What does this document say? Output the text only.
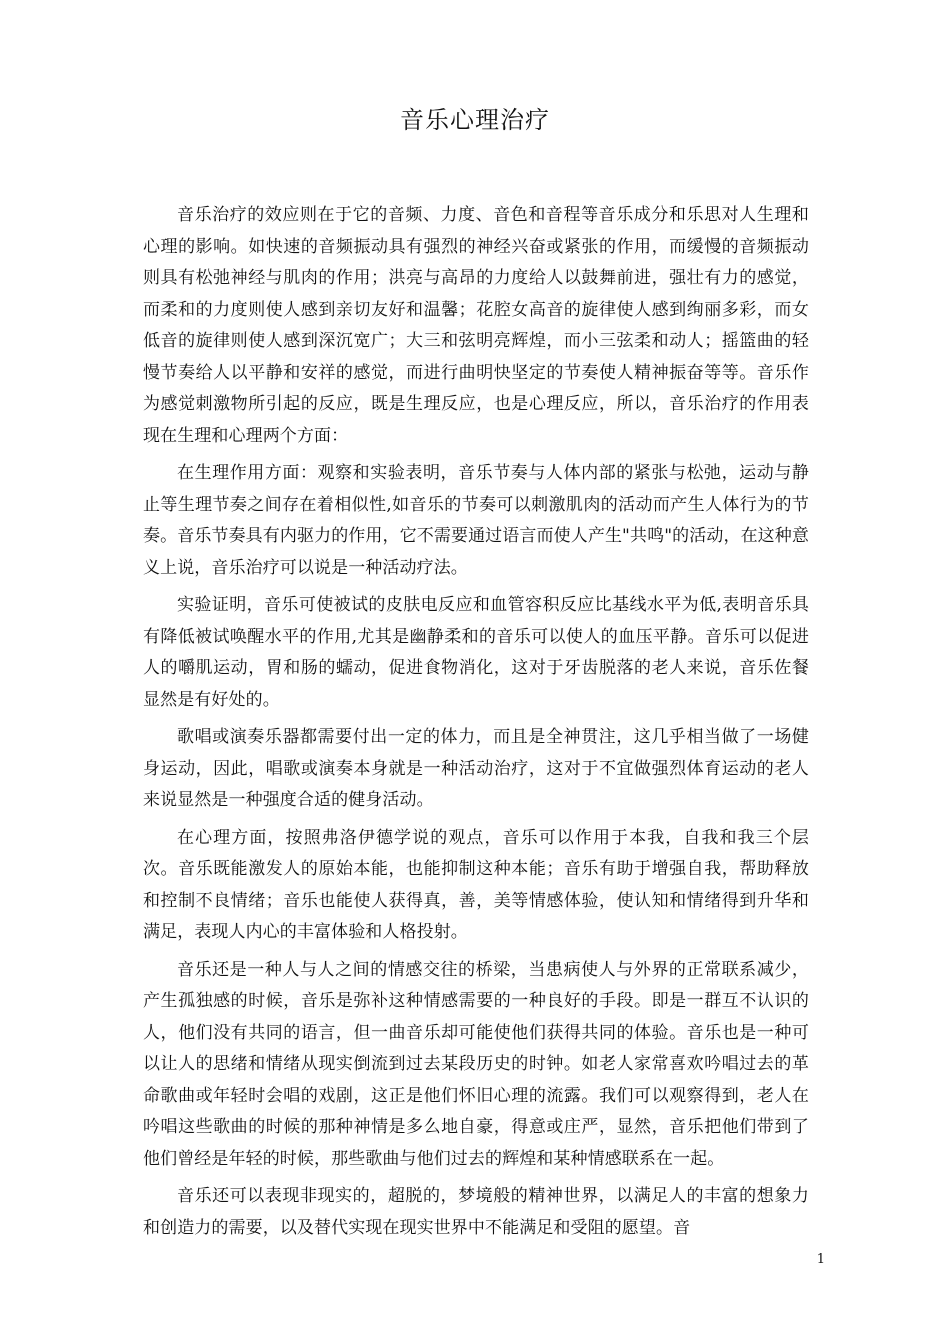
音乐心理治疗

音乐治疗的效应则在于它的音频、力度、音色和音程等音乐成分和乐思对人生理和心理的影响。如快速的音频振动具有强烈的神经兴奋或紧张的作用，而缓慢的音频振动则具有松弛神经与肌肉的作用；洪亮与高昂的力度给人以鼓舞前进，强壮有力的感觉，而柔和的力度则使人感到亲切友好和温馨；花腔女高音的旋律使人感到绚丽多彩，而女低音的旋律则使人感到深沉宽广；大三和弦明亮辉煌，而小三弦柔和动人；摇篮曲的轻慢节奏给人以平静和安祥的感觉，而进行曲明快坚定的节奏使人精神振奋等等。音乐作为感觉刺激物所引起的反应，既是生理反应，也是心理反应，所以，音乐治疗的作用表现在生理和心理两个方面：

在生理作用方面：观察和实验表明，音乐节奏与人体内部的紧张与松弛，运动与静止等生理节奏之间存在着相似性,如音乐的节奏可以刺激肌肉的活动而产生人体行为的节奏。音乐节奏具有内驱力的作用，它不需要通过语言而使人产生"共鸣"的活动，在这种意义上说，音乐治疗可以说是一种活动疗法。

实验证明，音乐可使被试的皮肤电反应和血管容积反应比基线水平为低,表明音乐具有降低被试唤醒水平的作用,尤其是幽静柔和的音乐可以使人的血压平静。音乐可以促进人的嚼肌运动，胃和肠的蠕动，促进食物消化，这对于牙齿脱落的老人来说，音乐佐餐显然是有好处的。

歌唱或演奏乐器都需要付出一定的体力，而且是全神贯注，这几乎相当做了一场健身运动，因此，唱歌或演奏本身就是一种活动治疗，这对于不宜做强烈体育运动的老人来说显然是一种强度合适的健身活动。

在心理方面，按照弗洛伊德学说的观点，音乐可以作用于本我，自我和我三个层次。音乐既能激发人的原始本能，也能抑制这种本能；音乐有助于增强自我，帮助释放和控制不良情绪；音乐也能使人获得真，善，美等情感体验，使认知和情绪得到升华和满足，表现人内心的丰富体验和人格投射。

音乐还是一种人与人之间的情感交往的桥梁，当患病使人与外界的正常联系减少，产生孤独感的时候，音乐是弥补这种情感需要的一种良好的手段。即是一群互不认识的人，他们没有共同的语言，但一曲音乐却可能使他们获得共同的体验。音乐也是一种可以让人的思绪和情绪从现实倒流到过去某段历史的时钟。如老人家常喜欢吟唱过去的革命歌曲或年轻时会唱的戏剧，这正是他们怀旧心理的流露。我们可以观察得到，老人在吟唱这些歌曲的时候的那种神情是多么地自豪，得意或庄严，显然，音乐把他们带到了他们曾经是年轻的时候，那些歌曲与他们过去的辉煌和某种情感联系在一起。

音乐还可以表现非现实的，超脱的，梦境般的精神世界，以满足人的丰富的想象力和创造力的需要，以及替代实现在现实世界中不能满足和受阻的愿望。音

1
